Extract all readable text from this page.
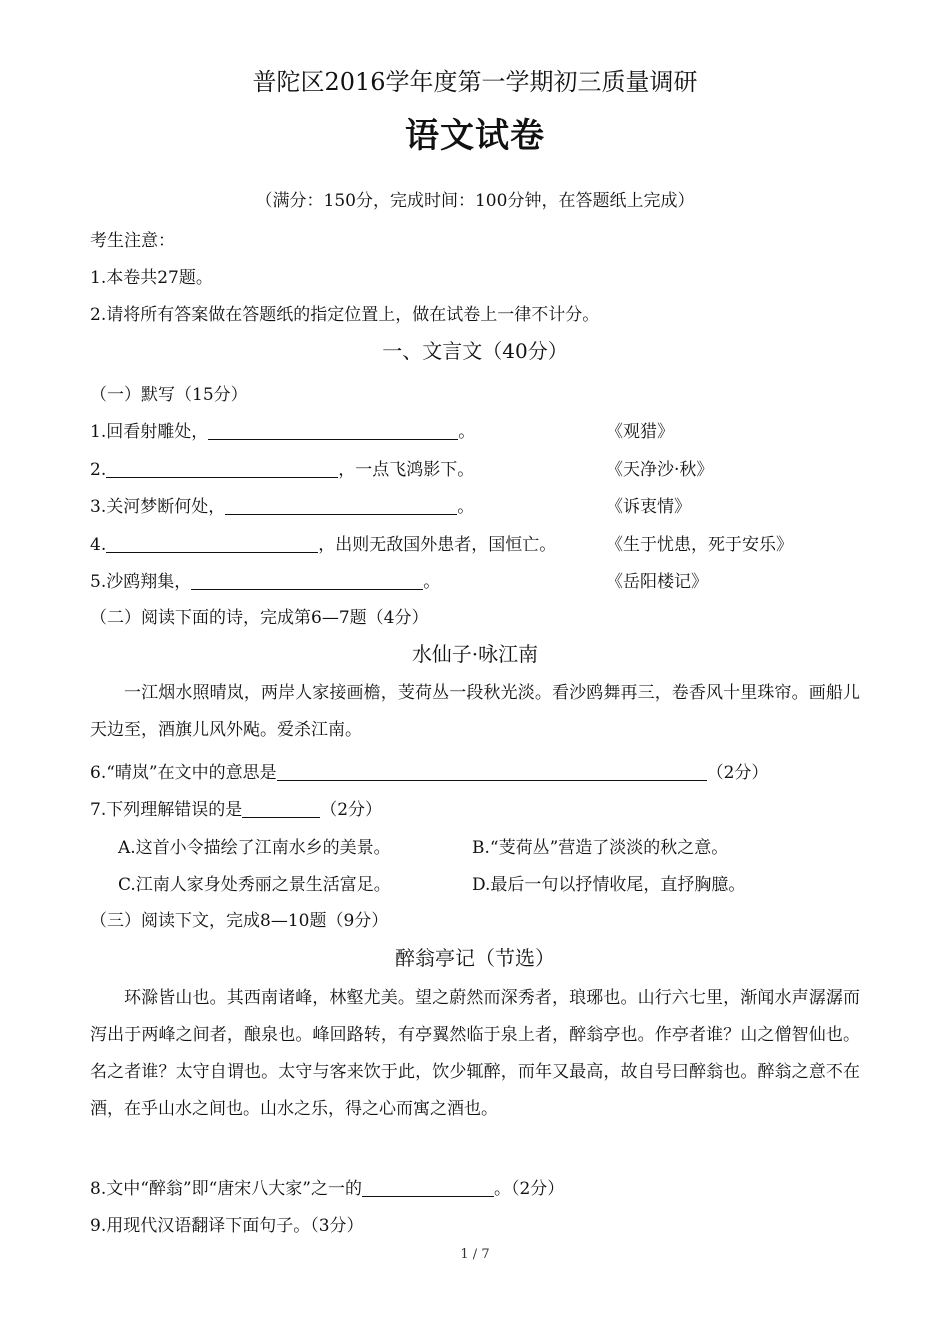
普陀区2016学年度第一学期初三质量调研
语文试卷
（满分：150分，完成时间：100分钟，在答题纸上完成）
考生注意：
1.本卷共27题。
2.请将所有答案做在答题纸的指定位置上，做在试卷上一律不计分。
一、文言文（40分）
（一）默写（15分）
1.回看射雕处，	。	《观猎》
2.	，一点飞鸿影下。	《天净沙·秋》
3.关河梦断何处，	。	《诉衷情》
4.	，出则无敌国外患者，国恒亡。	《生于忧患，死于安乐》
5.沙鸥翔集，	。	《岳阳楼记》
（二）阅读下面的诗，完成第6—7题（4分）
水仙子·咏江南
一江烟水照晴岚，两岸人家接画檐，芰荷丛一段秋光淡。看沙鸥舞再三，卷香风十里珠帘。画船儿天边至，酒旗儿风外飐。爱杀江南。
6.“晴岚”在文中的意思是	（2分）
7.下列理解错误的是	（2分）
A.这首小令描绘了江南水乡的美景。	B.“芰荷丛”营造了淡淡的秋之意。
C.江南人家身处秀丽之景生活富足。	D.最后一句以抒情收尾，直抒胸臆。
（三）阅读下文，完成8—10题（9分）
醉翁亭记（节选）
环滁皆山也。其西南诸峰，林壑尤美。望之蔚然而深秀者，琅琊也。山行六七里，渐闻水声潺潺而泻出于两峰之间者，酿泉也。峰回路转，有亭翼然临于泉上者，醉翁亭也。作亭者谁？山之僧智仙也。名之者谁？太守自谓也。太守与客来饮于此，饮少辄醉，而年又最高，故自号曰醉翁也。醉翁之意不在酒，在乎山水之间也。山水之乐，得之心而寓之酒也。
8.文中“醉翁”即“唐宋八大家”之一的	。（2分）
9.用现代汉语翻译下面句子。（3分）
1 / 7
